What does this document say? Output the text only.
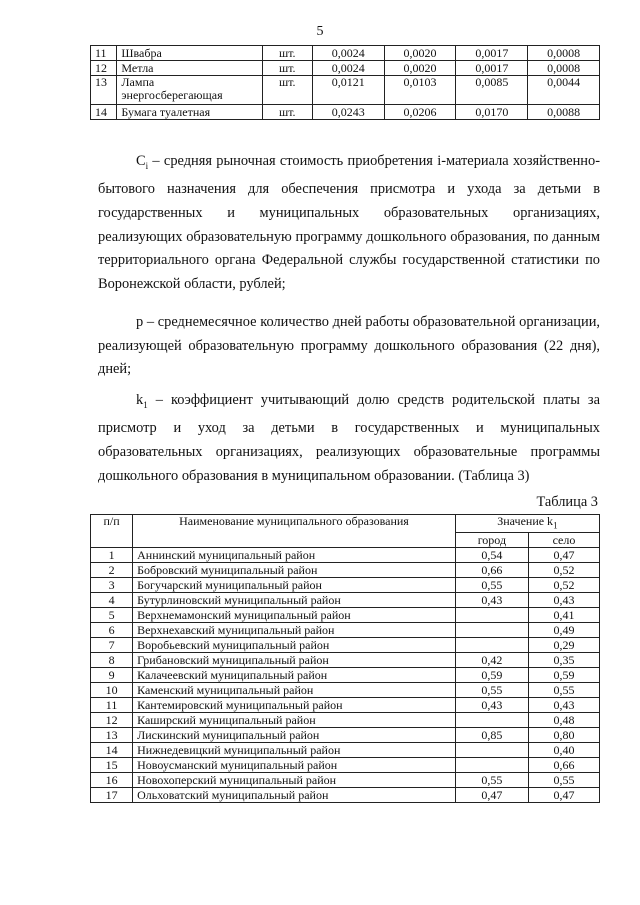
5
11	Швабра	шт.	0,0024	0,0020	0,0017	0,0008
12	Метла	шт.	0,0024	0,0020	0,0017	0,0008
13	Лампа энергосберегающая	шт.	0,0121	0,0103	0,0085	0,0044
14	Бумага туалетная	шт.	0,0243	0,0206	0,0170	0,0088

$C_i$ – средняя рыночная стоимость приобретения i-материала хозяйственно-бытового назначения для обеспечения присмотра и ухода за детьми в государственных и муниципальных образовательных организациях, реализующих образовательную программу дошкольного образования, по данным территориального органа Федеральной службы государственной статистики по Воронежской области, рублей;

p – среднемесячное количество дней работы образовательной организации, реализующей образовательную программу дошкольного образования (22 дня), дней;

$k_1$ – коэффициент учитывающий долю средств родительской платы за присмотр и уход за детьми в государственных и муниципальных образовательных организациях, реализующих образовательные программы дошкольного образования в муниципальном образовании. (Таблица 3)

Таблица 3
п/п	Наименование муниципального образования	Значение $k_1$
		город	село
1	Аннинский муниципальный район	0,54	0,47
2	Бобровский муниципальный район	0,66	0,52
3	Богучарский муниципальный район	0,55	0,52
4	Бутурлиновский муниципальный район	0,43	0,43
5	Верхнемамонский муниципальный район		0,41
6	Верхнехавский муниципальный район		0,49
7	Воробьевский муниципальный район		0,29
8	Грибановский муниципальный район	0,42	0,35
9	Калачеевский муниципальный район	0,59	0,59
10	Каменский муниципальный район	0,55	0,55
11	Кантемировский муниципальный район	0,43	0,43
12	Каширский муниципальный район		0,48
13	Лискинский муниципальный район	0,85	0,80
14	Нижнедевицкий муниципальный район		0,40
15	Новоусманский муниципальный район		0,66
16	Новохоперский муниципальный район	0,55	0,55
17	Ольховатский муниципальный район	0,47	0,47
